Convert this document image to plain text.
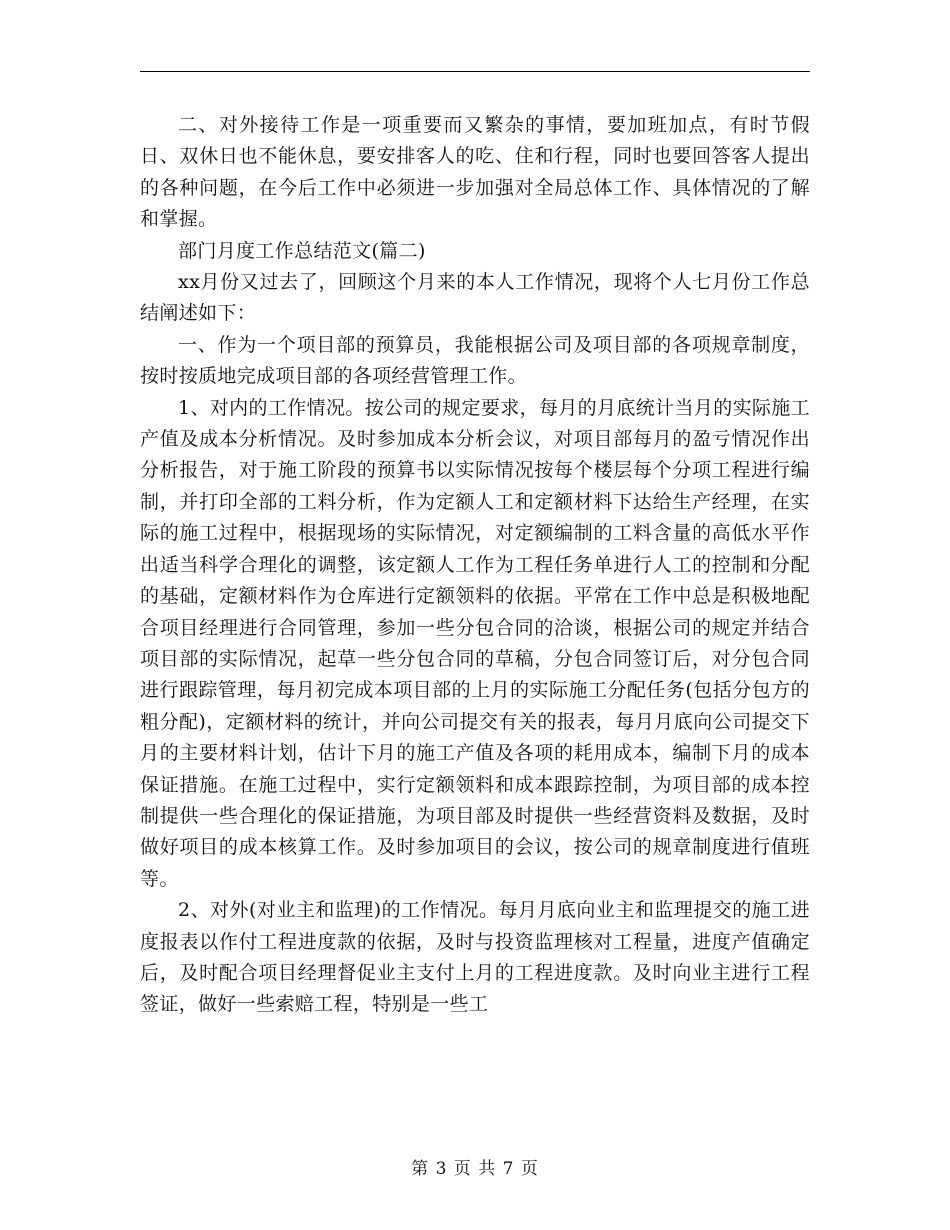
二、对外接待工作是一项重要而又繁杂的事情，要加班加点，有时节假日、双休日也不能休息，要安排客人的吃、住和行程，同时也要回答客人提出的各种问题，在今后工作中必须进一步加强对全局总体工作、具体情况的了解和掌握。

部门月度工作总结范文(篇二)

xx月份又过去了，回顾这个月来的本人工作情况，现将个人七月份工作总结阐述如下：

一、作为一个项目部的预算员，我能根据公司及项目部的各项规章制度，按时按质地完成项目部的各项经营管理工作。

1、对内的工作情况。按公司的规定要求，每月的月底统计当月的实际施工产值及成本分析情况。及时参加成本分析会议，对项目部每月的盈亏情况作出分析报告，对于施工阶段的预算书以实际情况按每个楼层每个分项工程进行编制，并打印全部的工料分析，作为定额人工和定额材料下达给生产经理，在实际的施工过程中，根据现场的实际情况，对定额编制的工料含量的高低水平作出适当科学合理化的调整，该定额人工作为工程任务单进行人工的控制和分配的基础，定额材料作为仓库进行定额领料的依据。平常在工作中总是积极地配合项目经理进行合同管理，参加一些分包合同的洽谈，根据公司的规定并结合项目部的实际情况，起草一些分包合同的草稿，分包合同签订后，对分包合同进行跟踪管理，每月初完成本项目部的上月的实际施工分配任务(包括分包方的粗分配)，定额材料的统计，并向公司提交有关的报表，每月月底向公司提交下月的主要材料计划，估计下月的施工产值及各项的耗用成本，编制下月的成本保证措施。在施工过程中，实行定额领料和成本跟踪控制，为项目部的成本控制提供一些合理化的保证措施，为项目部及时提供一些经营资料及数据，及时做好项目的成本核算工作。及时参加项目的会议，按公司的规章制度进行值班等。

2、对外(对业主和监理)的工作情况。每月月底向业主和监理提交的施工进度报表以作付工程进度款的依据，及时与投资监理核对工程量，进度产值确定后，及时配合项目经理督促业主支付上月的工程进度款。及时向业主进行工程签证，做好一些索赔工程，特别是一些工

第 3 页 共 7 页
